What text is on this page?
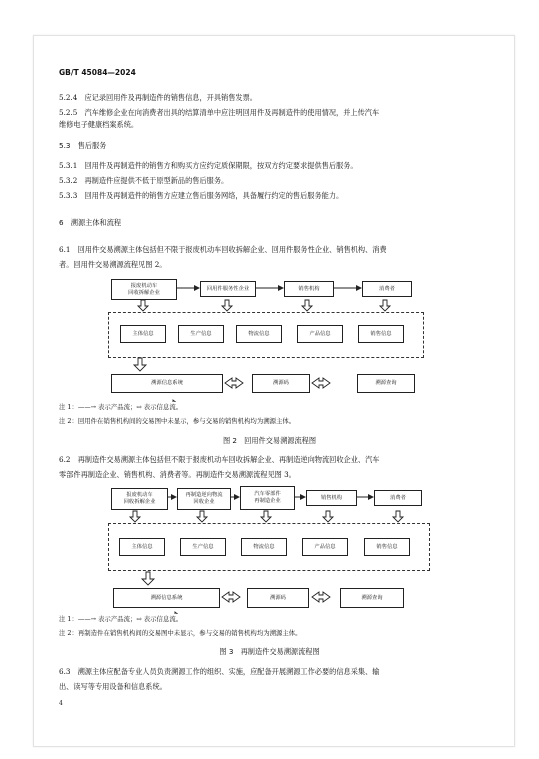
GB/T 45084—2024
5.2.4　应记录回用件及再制造件的销售信息，开具销售发票。
5.2.5　汽车维修企业在向消费者出具的结算清单中应注明回用件及再制造件的使用情况，并上传汽车
维修电子健康档案系统。
5.3　售后服务
5.3.1　回用件及再制造件的销售方和购买方应约定质保期限，按双方约定要求提供售后服务。
5.3.2　再制造件应提供不低于原型新品的售后服务。
5.3.3　回用件及再制造件的销售方应建立售后服务网络，具备履行约定的售后服务能力。
6　溯源主体和流程
6.1　回用件交易溯源主体包括但不限于报废机动车回收拆解企业、回用件服务性企业、销售机构、消费
者。回用件交易溯源流程见图 2。
报废机动车
回收拆解企业
回用件服务性企业	销售机构	消费者
主体信息	生产信息	物流信息	产品信息	销售信息
溯源信息系统	溯源码	溯源查询
注 1：——→ 表示产品流；⇨ 表示信息流。
注 2：回用件在销售机构间的交易图中未显示，参与交易的销售机构均为溯源主体。
图 2　回用件交易溯源流程图
6.2　再制造件交易溯源主体包括但不限于报废机动车回收拆解企业、再制造逆向物流回收企业、汽车
零部件再制造企业、销售机构、消费者等。再制造件交易溯源流程见图 3。
报废机动车
回收拆解企业
再制造逆向物流
回收企业
汽车零部件
再制造企业
销售机构	消费者
主体信息	生产信息	物流信息	产品信息	销售信息
溯源信息系统	溯源码	溯源查询
注 1：——→ 表示产品流；⇨ 表示信息流。
注 2：再制造件在销售机构间的交易图中未显示，参与交易的销售机构均为溯源主体。
图 3　再制造件交易溯源流程图
6.3　溯源主体应配备专业人员负责溯源工作的组织、实施，应配备开展溯源工作必要的信息采集、输
出、读写等专用设备和信息系统。
4
